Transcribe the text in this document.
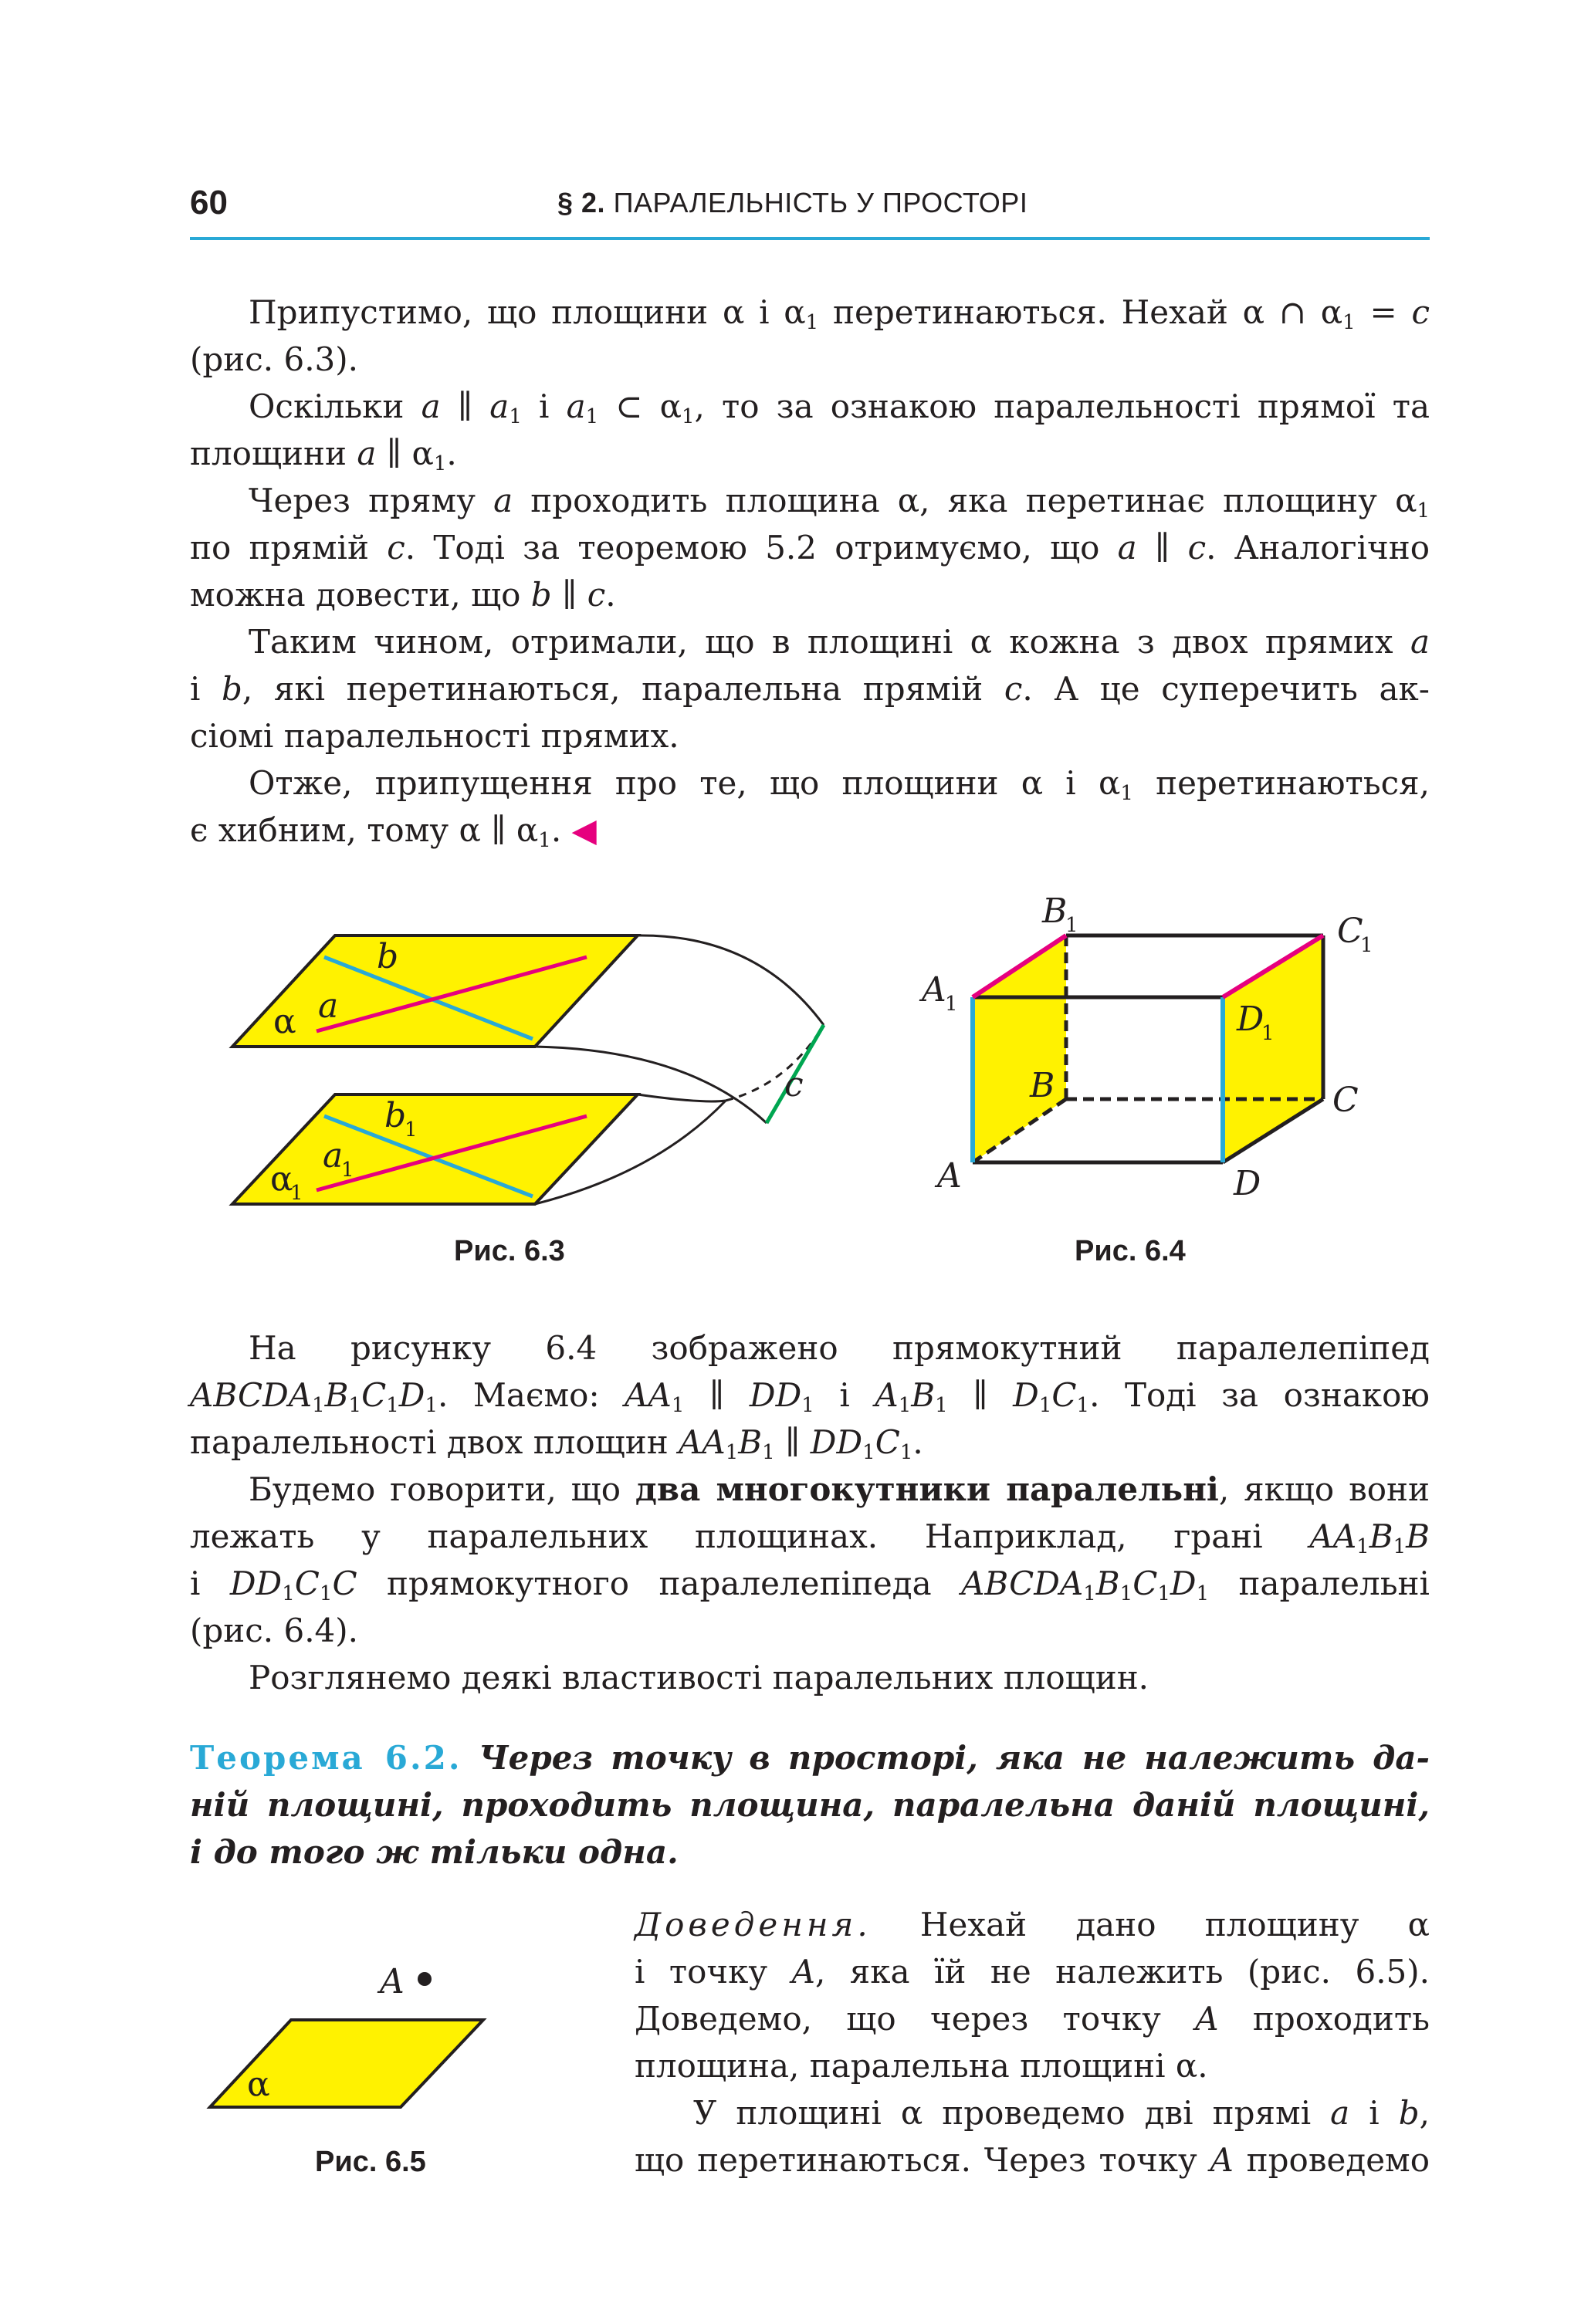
60	§ 2. ПАРАЛЕЛЬНІСТЬ У ПРОСТОРІ
Припустимо, що площини α і $\alpha_1$ перетинаються. Нехай α ∩ $\alpha_1 = c$
(рис. 6.3).
Оскільки a ∥ $a_1$ і $a_1$ ⊂ $\alpha_1$, то за ознакою паралельності прямої та
площини a ∥ $\alpha_1$.
Через пряму a проходить площина α, яка перетинає площину $\alpha_1$
по прямій c. Тоді за теоремою 5.2 отримуємо, що a ∥ c. Аналогічно
можна довести, що b ∥ c.
Таким чином, отримали, що в площині α кожна з двох прямих a
і b, які перетинаються, паралельна прямій c. А це суперечить ак-
сіомі паралельності прямих.
Отже, припущення про те, що площини α і $\alpha_1$ перетинаються,
є хибним, тому α ∥ $\alpha_1$. ◀
b
a
α
b
1
a
1
α
1
c
Рис. 6.3
B
1	C
1
A
1	D
1
B	C
A	D
Рис. 6.4
На рисунку 6.4 зображено прямокутний паралелепіпед
$ABCDA_1B_1C_1D_1$. Маємо: $AA_1$ ∥ $DD_1$ і $A_1B_1$ ∥ $D_1C_1$. Тоді за ознакою
паралельності двох площин $AA_1B_1$ ∥ $DD_1C_1$.
Будемо говорити, що два многокутники паралельні, якщо вони
лежать у паралельних площинах. Наприклад, грані $AA_1B_1B$
і $DD_1C_1C$ прямокутного паралелепіпеда $ABCDA_1B_1C_1D_1$ паралельні
(рис. 6.4).
Розглянемо деякі властивості паралельних площин.
Теорема 6.2. Через точку в просторі, яка не належить да-
ній площині, проходить площина, паралельна даній площині,
і до того ж тільки одна.
α
A
Рис. 6.5
Доведення. Нехай дано площину α
і точку A, яка їй не належить (рис. 6.5).
Доведемо, що через точку A проходить
площина, паралельна площині α.
У площині α проведемо дві прямі a і b,
що перетинаються. Через точку A проведемо
